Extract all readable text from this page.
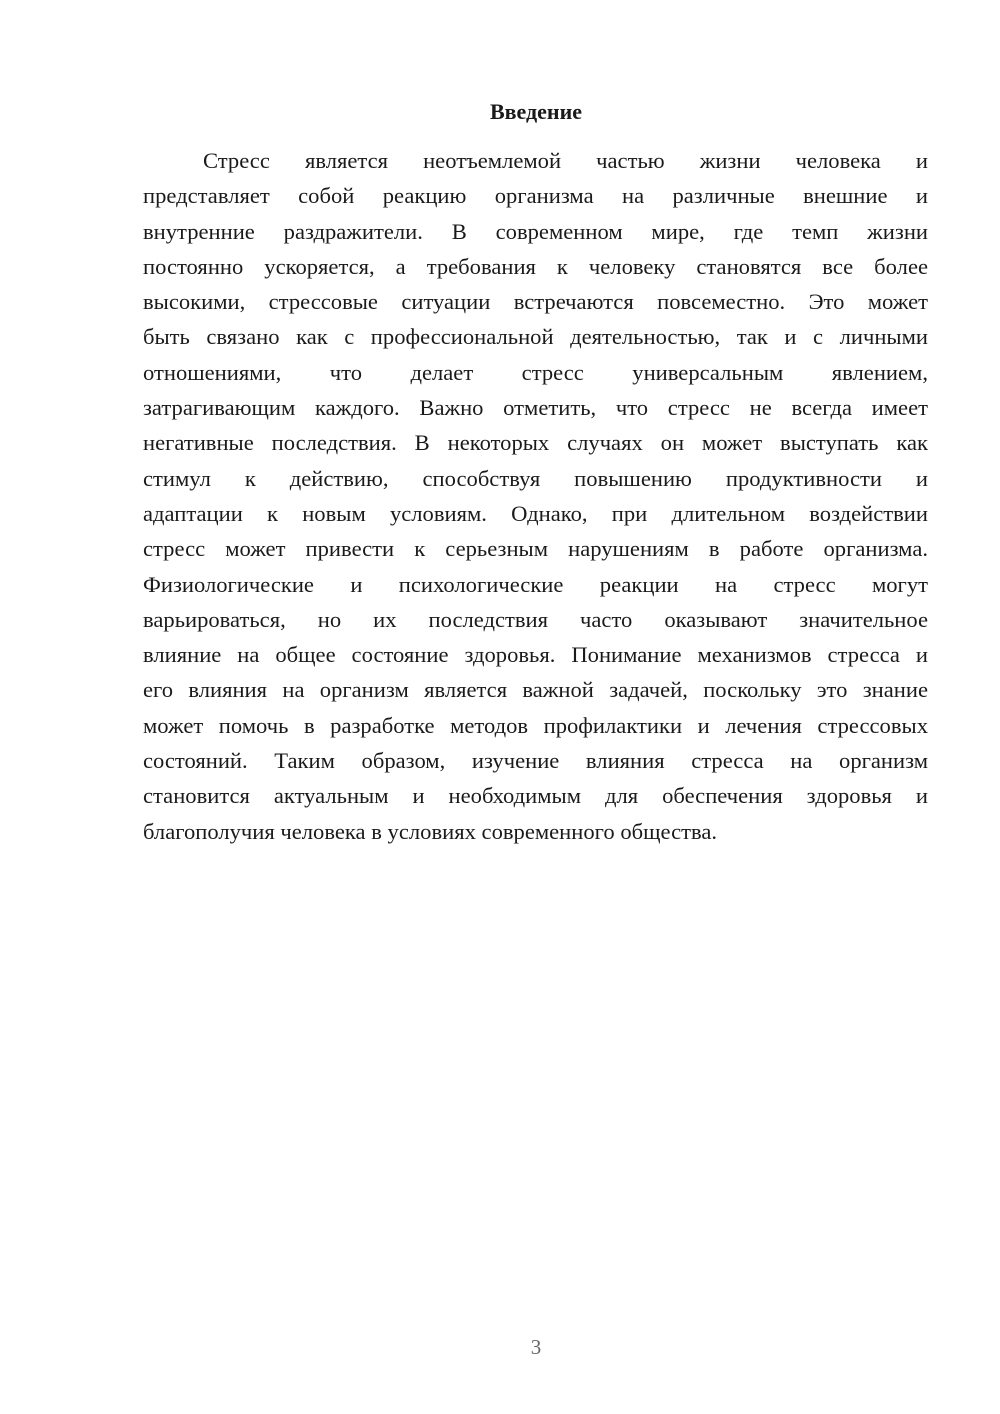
Введение
Стресс является неотъемлемой частью жизни человека и
представляет собой реакцию организма на различные внешние и
внутренние раздражители. В современном мире, где темп жизни
постоянно ускоряется, а требования к человеку становятся все более
высокими, стрессовые ситуации встречаются повсеместно. Это может
быть связано как с профессиональной деятельностью, так и с личными
отношениями, что делает стресс универсальным явлением,
затрагивающим каждого. Важно отметить, что стресс не всегда имеет
негативные последствия. В некоторых случаях он может выступать как
стимул к действию, способствуя повышению продуктивности и
адаптации к новым условиям. Однако, при длительном воздействии
стресс может привести к серьезным нарушениям в работе организма.
Физиологические и психологические реакции на стресс могут
варьироваться, но их последствия часто оказывают значительное
влияние на общее состояние здоровья. Понимание механизмов стресса и
его влияния на организм является важной задачей, поскольку это знание
может помочь в разработке методов профилактики и лечения стрессовых
состояний. Таким образом, изучение влияния стресса на организм
становится актуальным и необходимым для обеспечения здоровья и
благополучия человека в условиях современного общества.
3
